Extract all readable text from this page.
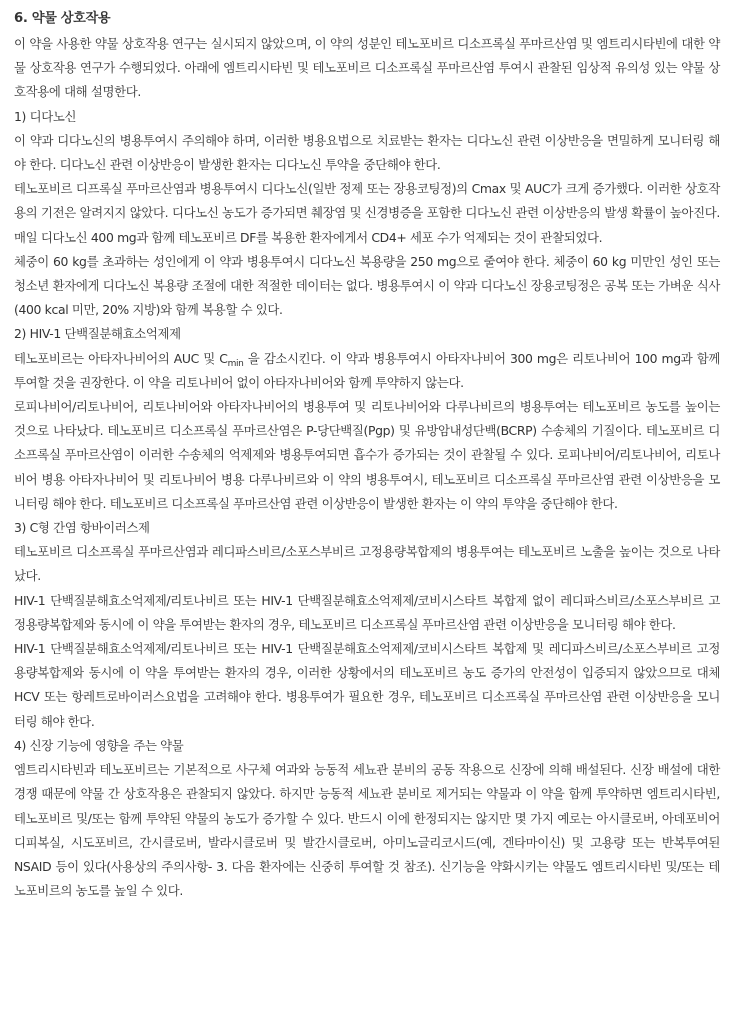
6. 약물 상호작용

이 약을 사용한 약물 상호작용 연구는 실시되지 않았으며, 이 약의 성분인 테노포비르 디소프록실 푸마르산염 및 엠트리시타빈에 대한 약물 상호작용 연구가 수행되었다. 아래에 엠트리시타빈 및 테노포비르 디소프록실 푸마르산염 투여시 관찰된 임상적 유의성 있는 약물 상호작용에 대해 설명한다.

1) 디다노신

이 약과 디다노신의 병용투여시 주의해야 하며, 이러한 병용요법으로 치료받는 환자는 디다노신 관련 이상반응을 면밀하게 모니터링 해야 한다. 디다노신 관련 이상반응이 발생한 환자는 디다노신 투약을 중단해야 한다.

테노포비르 디프록실 푸마르산염과 병용투여시 디다노신(일반 정제 또는 장용코팅정)의 Cmax 및 AUC가 크게 증가했다. 이러한 상호작용의 기전은 알려지지 않았다. 디다노신 농도가 증가되면 췌장염 및 신경병증을 포함한 디다노신 관련 이상반응의 발생 확률이 높아진다. 매일 디다노신 400 mg과 함께 테노포비르 DF를 복용한 환자에게서 CD4+ 세포 수가 억제되는 것이 관찰되었다.

체중이 60 kg를 초과하는 성인에게 이 약과 병용투여시 디다노신 복용량을 250 mg으로 줄여야 한다. 체중이 60 kg 미만인 성인 또는 청소년 환자에게 디다노신 복용량 조절에 대한 적절한 데이터는 없다. 병용투여시 이 약과 디다노신 장용코팅정은 공복 또는 가벼운 식사(400 kcal 미만, 20% 지방)와 함께 복용할 수 있다.

2) HIV-1 단백질분해효소억제제

테노포비르는 아타자나비어의 AUC 및 $C_{min}$ 을 감소시킨다. 이 약과 병용투여시 아타자나비어 300 mg은 리토나비어 100 mg과 함께 투여할 것을 권장한다. 이 약을 리토나비어 없이 아타자나비어와 함께 투약하지 않는다.

로피나비어/리토나비어, 리토나비어와 아타자나비어의 병용투여 및 리토나비어와 다루나비르의 병용투여는 테노포비르 농도를 높이는 것으로 나타났다. 테노포비르 디소프록실 푸마르산염은 P-당단백질(Pgp) 및 유방암내성단백(BCRP) 수송체의 기질이다. 테노포비르 디소프록실 푸마르산염이 이러한 수송체의 억제제와 병용투여되면 흡수가 증가되는 것이 관찰될 수 있다. 로피나비어/리토나비어, 리토나비어 병용 아타자나비어 및 리토나비어 병용 다루나비르와 이 약의 병용투여시, 테노포비르 디소프록실 푸마르산염 관련 이상반응을 모니터링 해야 한다. 테노포비르 디소프록실 푸마르산염 관련 이상반응이 발생한 환자는 이 약의 투약을 중단해야 한다.

3) C형 간염 항바이러스제

테노포비르 디소프록실 푸마르산염과 레디파스비르/소포스부비르 고정용량복합제의 병용투여는 테노포비르 노출을 높이는 것으로 나타났다.

HIV-1 단백질분해효소억제제/리토나비르 또는 HIV-1 단백질분해효소억제제/코비시스타트 복합제 없이 레디파스비르/소포스부비르 고정용량복합제와 동시에 이 약을 투여받는 환자의 경우, 테노포비르 디소프록실 푸마르산염 관련 이상반응을 모니터링 해야 한다.

HIV-1 단백질분해효소억제제/리토나비르 또는 HIV-1 단백질분해효소억제제/코비시스타트 복합제 및 레디파스비르/소포스부비르 고정용량복합제와 동시에 이 약을 투여받는 환자의 경우, 이러한 상황에서의 테노포비르 농도 증가의 안전성이 입증되지 않았으므로 대체 HCV 또는 항레트로바이러스요법을 고려해야 한다. 병용투여가 필요한 경우, 테노포비르 디소프록실 푸마르산염 관련 이상반응을 모니터링 해야 한다.

4) 신장 기능에 영향을 주는 약물

엠트리시타빈과 테노포비르는 기본적으로 사구체 여과와 능동적 세뇨관 분비의 공동 작용으로 신장에 의해 배설된다. 신장 배설에 대한 경쟁 때문에 약물 간 상호작용은 관찰되지 않았다. 하지만 능동적 세뇨관 분비로 제거되는 약물과 이 약을 함께 투약하면 엠트리시타빈, 테노포비르 및/또는 함께 투약된 약물의 농도가 증가할 수 있다. 반드시 이에 한정되지는 않지만 몇 가지 예로는 아시클로버, 아데포비어 디피복실, 시도포비르, 간시클로버, 발라시클로버 및 발간시클로버, 아미노글리코시드(예, 겐타마이신) 및 고용량 또는 반복투여된 NSAID 등이 있다(사용상의 주의사항- 3. 다음 환자에는 신중히 투여할 것 참조). 신기능을 약화시키는 약물도 엠트리시타빈 및/또는 테노포비르의 농도를 높일 수 있다.
